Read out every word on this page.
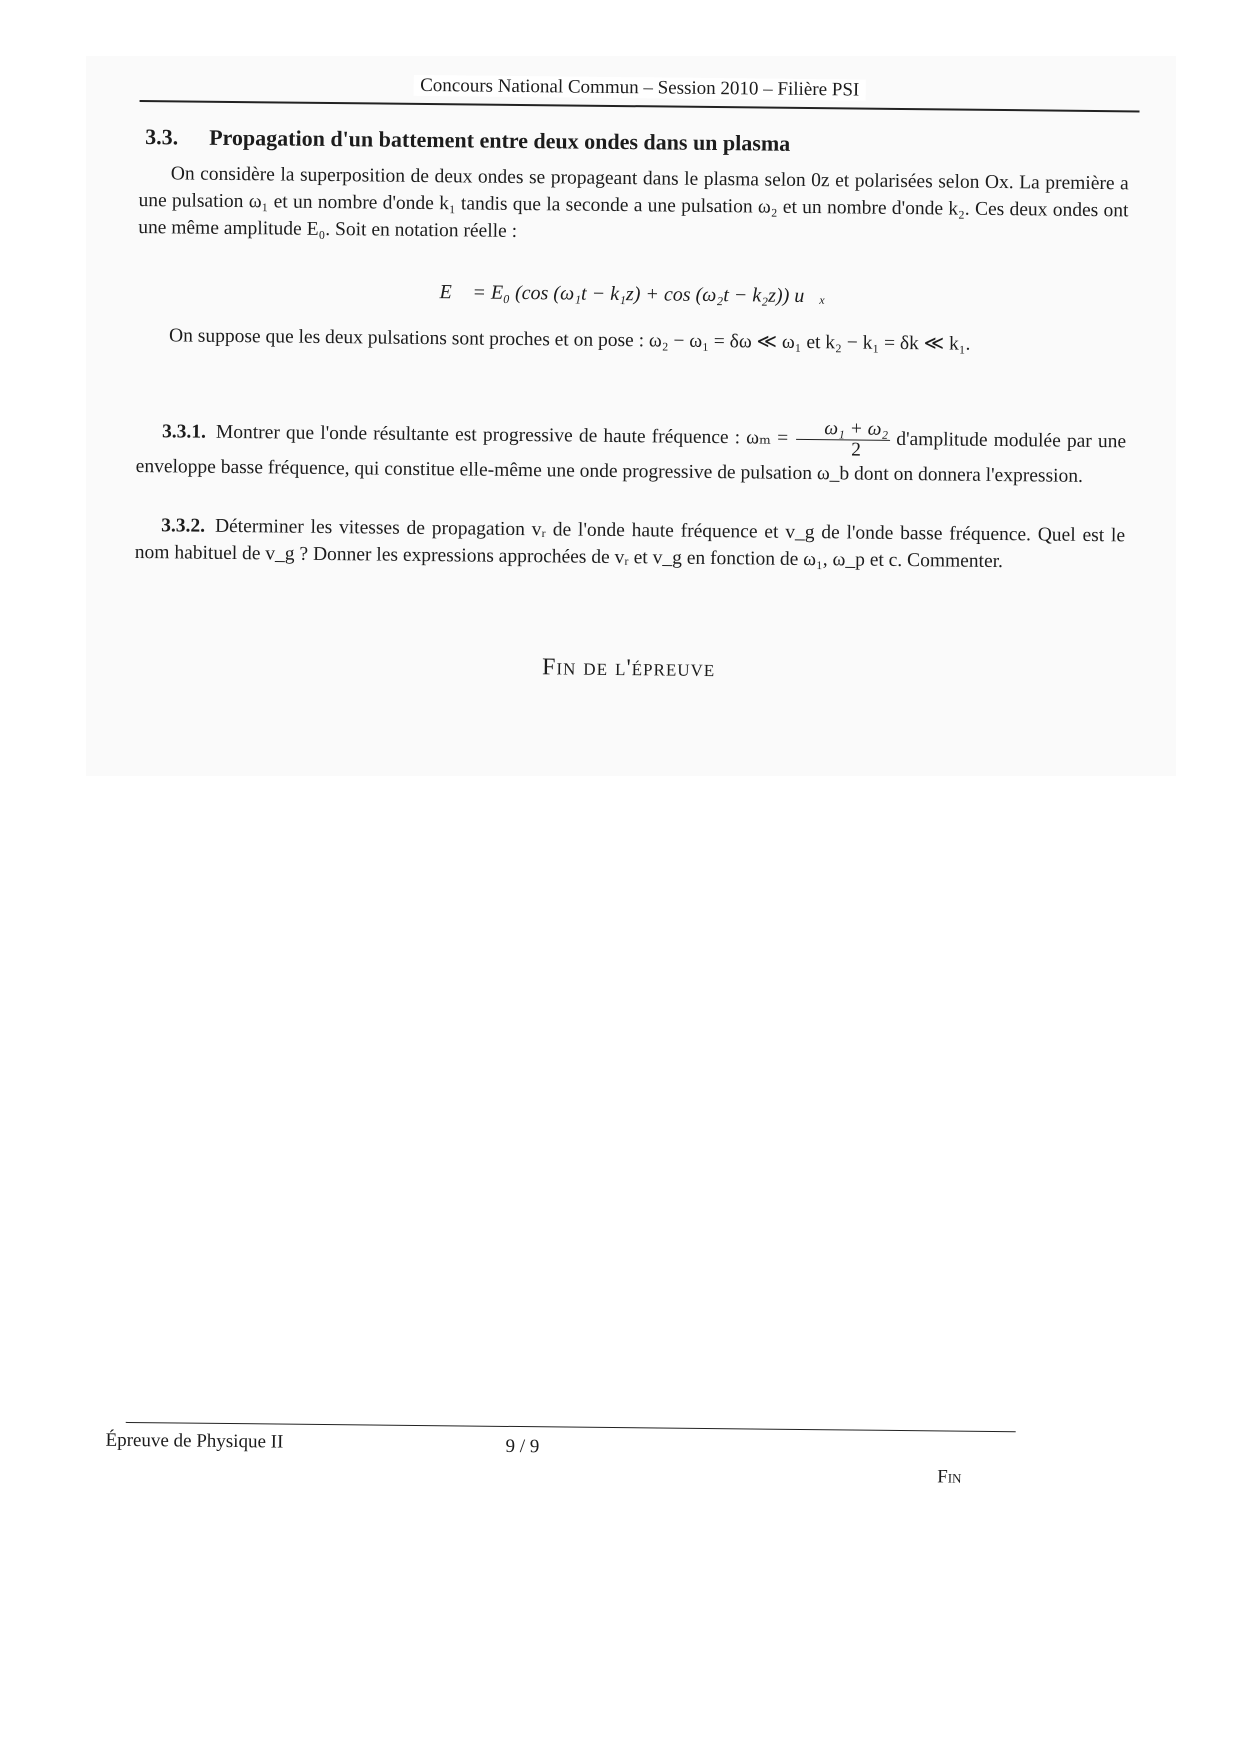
Concours National Commun – Session 2010 – Filière PSI
3.3. Propagation d'un battement entre deux ondes dans un plasma

On considère la superposition de deux ondes se propageant dans le plasma selon 0z et polarisées selon Ox. La première a une pulsation ω₁ et un nombre d'onde k₁ tandis que la seconde a une pulsation ω₂ et un nombre d'onde k₂. Ces deux ondes ont une même amplitude E₀. Soit en notation réelle :

E⃗ = E₀ (cos (ω₁t − k₁z) + cos (ω₂t − k₂z)) u⃗ₓ

On suppose que les deux pulsations sont proches et on pose : ω₂ − ω₁ = δω ≪ ω₁ et k₂ − k₁ = δk ≪ k₁.

3.3.1. Montrer que l'onde résultante est progressive de haute fréquence : $\omega_m = \frac{\text{ω₁ + ω₂}}{2}$ d'amplitude modulée par une enveloppe basse fréquence, qui constitue elle-même une onde progressive de pulsation ω_b dont on donnera l'expression.

3.3.2. Déterminer les vitesses de propagation vᵣ de l'onde haute fréquence et v_g de l'onde basse fréquence. Quel est le nom habituel de v_g ? Donner les expressions approchées de vᵣ et v_g en fonction de ω₁, ω_p et c. Commenter.

Fin de l'épreuve
Épreuve de Physique II	9 / 9
Fin
